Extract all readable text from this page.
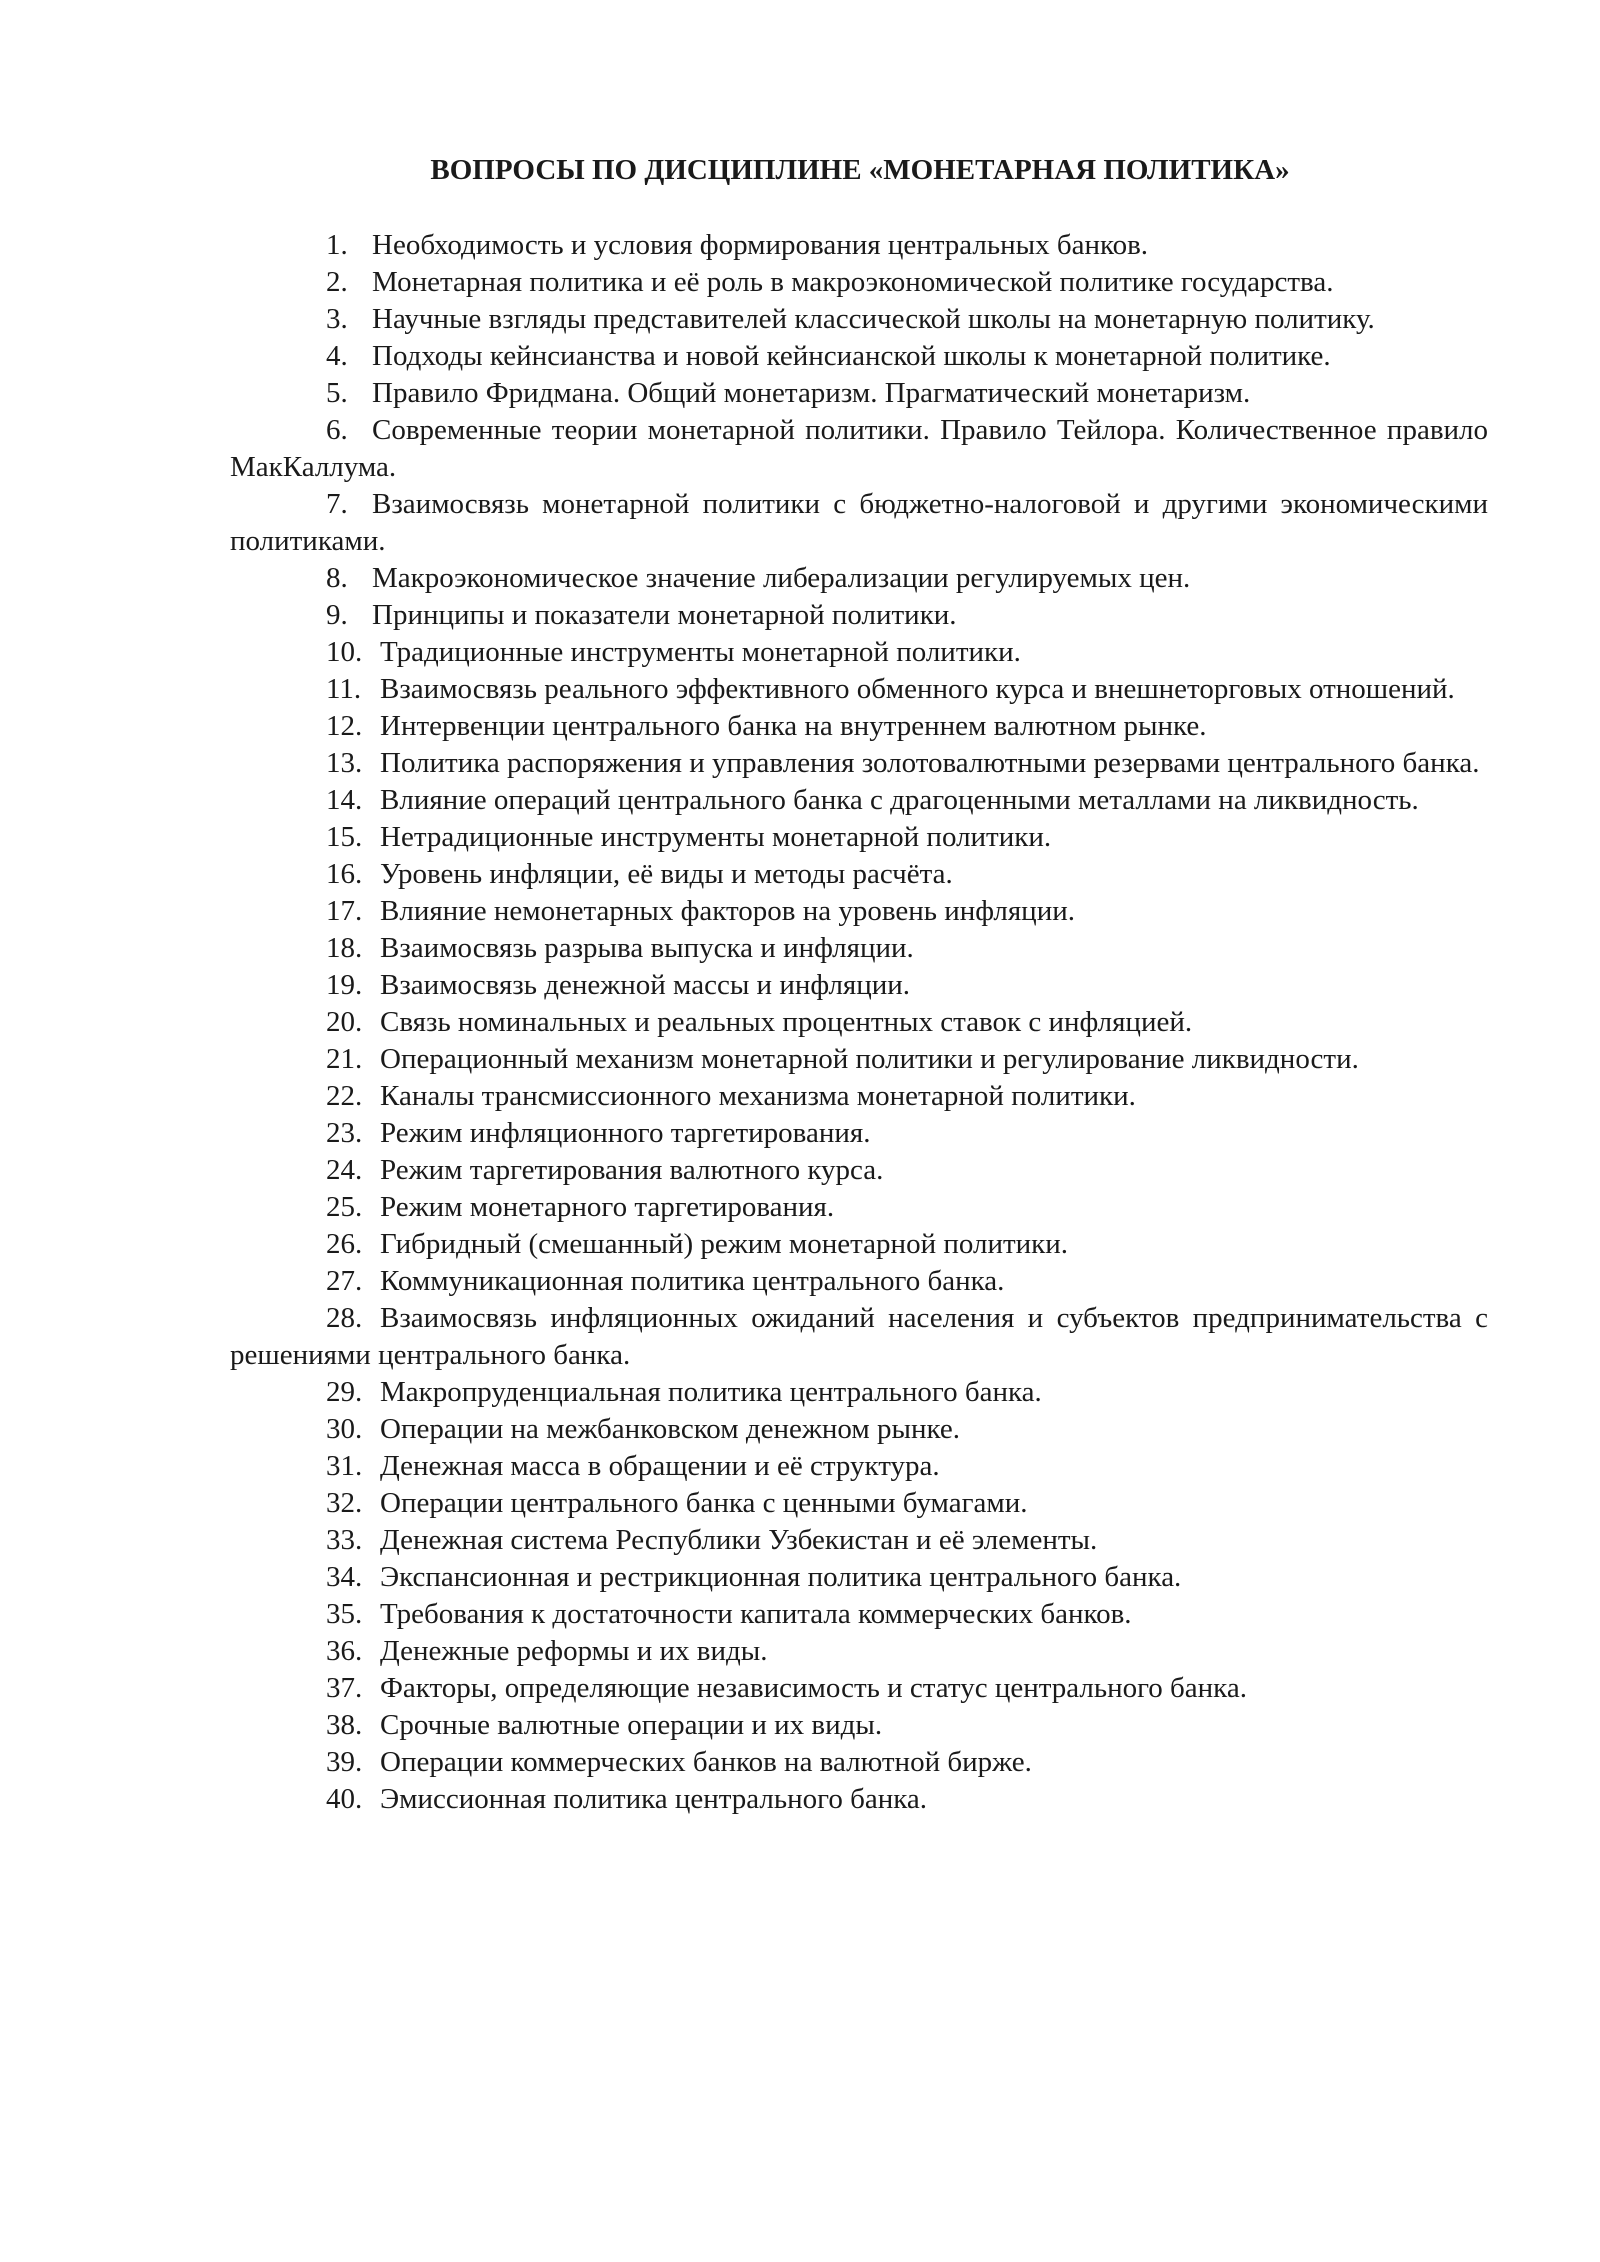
ВОПРОСЫ ПО ДИСЦИПЛИНЕ «МОНЕТАРНАЯ ПОЛИТИКА»
1. Необходимость и условия формирования центральных банков.
2. Монетарная политика и её роль в макроэкономической политике государства.
3. Научные взгляды представителей классической школы на монетарную политику.
4. Подходы кейнсианства и новой кейнсианской школы к монетарной политике.
5. Правило Фридмана. Общий монетаризм. Прагматический монетаризм.
6. Современные теории монетарной политики. Правило Тейлора. Количественное правило МакКаллума.
7. Взаимосвязь монетарной политики с бюджетно-налоговой и другими экономическими политиками.
8. Макроэкономическое значение либерализации регулируемых цен.
9. Принципы и показатели монетарной политики.
10. Традиционные инструменты монетарной политики.
11. Взаимосвязь реального эффективного обменного курса и внешнеторговых отношений.
12. Интервенции центрального банка на внутреннем валютном рынке.
13. Политика распоряжения и управления золотовалютными резервами центрального банка.
14. Влияние операций центрального банка с драгоценными металлами на ликвидность.
15. Нетрадиционные инструменты монетарной политики.
16. Уровень инфляции, её виды и методы расчёта.
17. Влияние немонетарных факторов на уровень инфляции.
18. Взаимосвязь разрыва выпуска и инфляции.
19. Взаимосвязь денежной массы и инфляции.
20. Связь номинальных и реальных процентных ставок с инфляцией.
21. Операционный механизм монетарной политики и регулирование ликвидности.
22. Каналы трансмиссионного механизма монетарной политики.
23. Режим инфляционного таргетирования.
24. Режим таргетирования валютного курса.
25. Режим монетарного таргетирования.
26. Гибридный (смешанный) режим монетарной политики.
27. Коммуникационная политика центрального банка.
28. Взаимосвязь инфляционных ожиданий населения и субъектов предпринимательства с решениями центрального банка.
29. Макропруденциальная политика центрального банка.
30. Операции на межбанковском денежном рынке.
31. Денежная масса в обращении и её структура.
32. Операции центрального банка с ценными бумагами.
33. Денежная система Республики Узбекистан и её элементы.
34. Экспансионная и рестрикционная политика центрального банка.
35. Требования к достаточности капитала коммерческих банков.
36. Денежные реформы и их виды.
37. Факторы, определяющие независимость и статус центрального банка.
38. Срочные валютные операции и их виды.
39. Операции коммерческих банков на валютной бирже.
40. Эмиссионная политика центрального банка.
